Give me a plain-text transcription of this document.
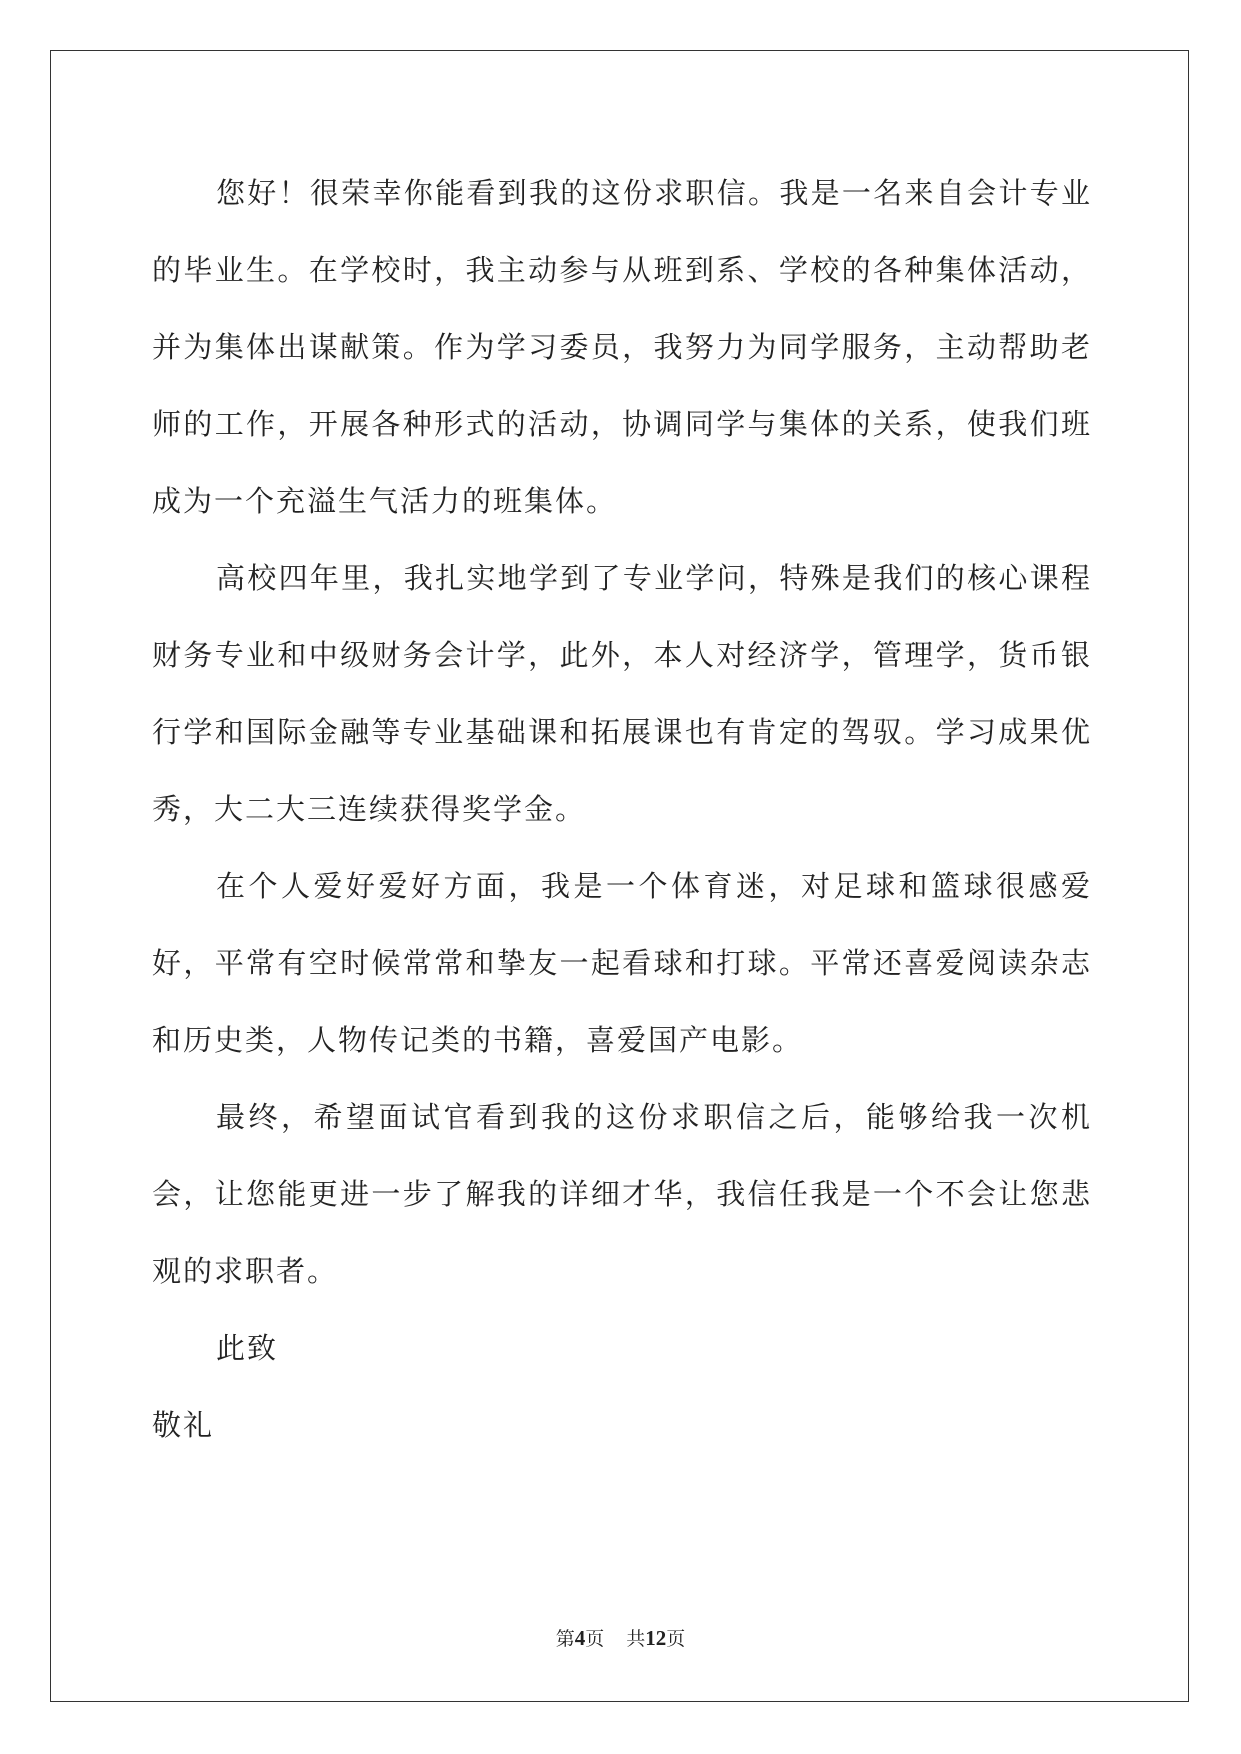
您好！很荣幸你能看到我的这份求职信。我是一名来自会计专业的毕业生。在学校时，我主动参与从班到系、学校的各种集体活动，并为集体出谋献策。作为学习委员，我努力为同学服务，主动帮助老师的工作，开展各种形式的活动，协调同学与集体的关系，使我们班成为一个充溢生气活力的班集体。

高校四年里，我扎实地学到了专业学问，特殊是我们的核心课程财务专业和中级财务会计学，此外，本人对经济学，管理学，货币银行学和国际金融等专业基础课和拓展课也有肯定的驾驭。学习成果优秀，大二大三连续获得奖学金。

在个人爱好爱好方面，我是一个体育迷，对足球和篮球很感爱好，平常有空时候常常和挚友一起看球和打球。平常还喜爱阅读杂志和历史类，人物传记类的书籍，喜爱国产电影。

最终，希望面试官看到我的这份求职信之后，能够给我一次机会，让您能更进一步了解我的详细才华，我信任我是一个不会让您悲观的求职者。

此致

敬礼

第4页 共12页
